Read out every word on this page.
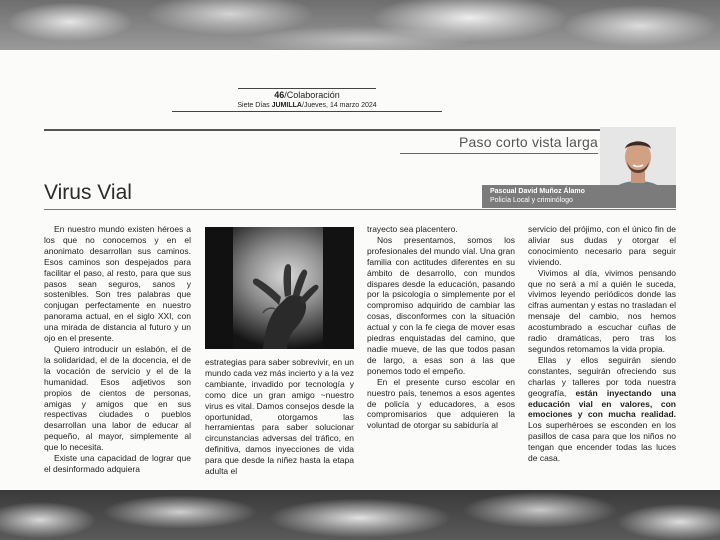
46/Colaboración
Siete Días JUMILLA/Jueves, 14 marzo 2024
Paso corto vista larga
Virus Vial	Pascual David Muñoz Álamo
Policía Local y criminólogo

En nuestro mundo existen héroes a los que no conocemos y en el anonimato desarrollan sus caminos. Esos caminos son despejados para facilitar el paso, al resto, para que sus pasos sean seguros, sanos y sostenibles. Son tres palabras que conjugan perfectamente en nuestro panorama actual, en el siglo XXI, con una mirada de distancia al futuro y un ojo en el presente.

Quiero introducir un eslabón, el de la solidaridad, el de la docencia, el de la vocación de servicio y el de la humanidad. Esos adjetivos son propios de cientos de personas, amigas y amigos que en sus respectivas ciudades o pueblos desarrollan una labor de educar al pequeño, al mayor, simplemente al que lo necesita.

Existe una capacidad de lograr que el desinformado adquiera

estrategias para saber sobrevivir, en un mundo cada vez más incierto y a la vez cambiante, invadido por tecnología y como dice un gran amigo ~nuestro virus es vital. Damos consejos desde la oportunidad, otorgamos las herramientas para saber solucionar circunstancias adversas del tráfico, en definitiva, damos inyecciones de vida para que desde la niñez hasta la etapa adulta el

trayecto sea placentero.

Nos presentamos, somos los profesionales del mundo vial. Una gran familia con actitudes diferentes en su ámbito de desarrollo, con mundos dispares desde la educación, pasando por la psicología o simplemente por el compromiso adquirido de cambiar las cosas, disconformes con la situación actual y con la fe ciega de mover esas piedras enquistadas del camino, que nadie mueve, de las que todos pasan de largo, a esas son a las que ponemos todo el empeño.

En el presente curso escolar en nuestro país, tenemos a esos agentes de policía y educadores, a esos compromisarios que adquieren la voluntad de otorgar su sabiduría al

servicio del prójimo, con el único fin de aliviar sus dudas y otorgar el conocimiento necesario para seguir viviendo.

Vivimos al día, vivimos pensando que no será a mí a quién le suceda, vivimos leyendo periódicos donde las cifras aumentan y estas no trasladan el mensaje del cambio, nos hemos acostumbrado a escuchar cuñas de radio dramáticas, pero tras los segundos retomamos la vida propia.

Ellas y ellos seguirán siendo constantes, seguirán ofreciendo sus charlas y talleres por toda nuestra geografía, están inyectando una educación vial en valores, con emociones y con mucha realidad. Los superhéroes se esconden en los pasillos de casa para que los niños no tengan que encender todas las luces de casa.
